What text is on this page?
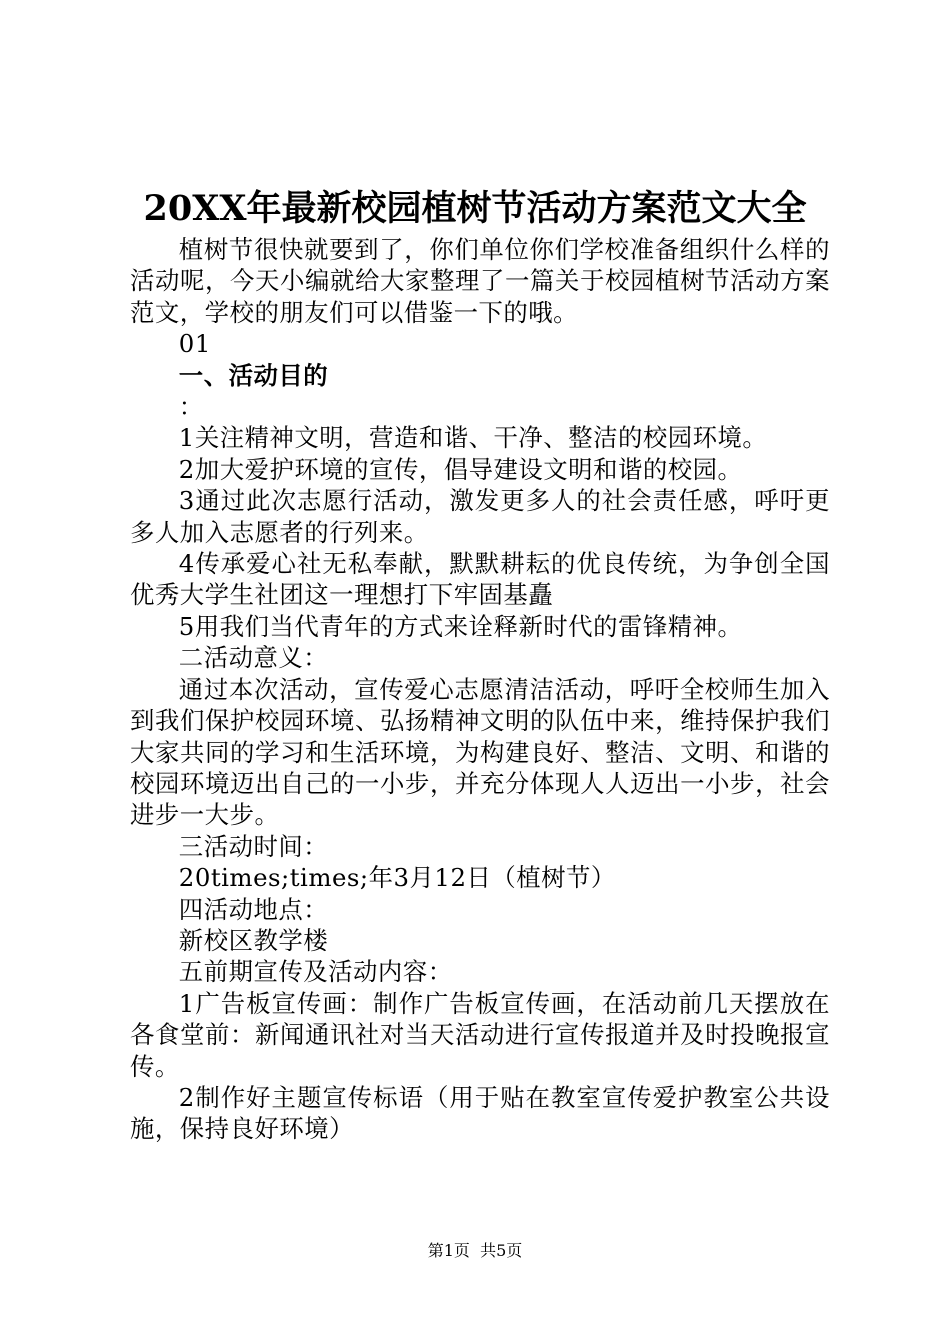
20XX年最新校园植树节活动方案范文大全

植树节很快就要到了，你们单位你们学校准备组织什么样的活动呢，今天小编就给大家整理了一篇关于校园植树节活动方案范文，学校的朋友们可以借鉴一下的哦。

01

一、活动目的

：

1关注精神文明，营造和谐、干净、整洁的校园环境。

2加大爱护环境的宣传，倡导建设文明和谐的校园。

3通过此次志愿行活动，激发更多人的社会责任感，呼吁更多人加入志愿者的行列来。

4传承爱心社无私奉献，默默耕耘的优良传统，为争创全国优秀大学生社团这一理想打下牢固基矗

5用我们当代青年的方式来诠释新时代的雷锋精神。

二活动意义：

通过本次活动，宣传爱心志愿清洁活动，呼吁全校师生加入到我们保护校园环境、弘扬精神文明的队伍中来，维持保护我们大家共同的学习和生活环境，为构建良好、整洁、文明、和谐的校园环境迈出自己的一小步，并充分体现人人迈出一小步，社会进步一大步。

三活动时间：

20times;times;年3月12日（植树节）

四活动地点：

新校区教学楼

五前期宣传及活动内容：

1广告板宣传画：制作广告板宣传画，在活动前几天摆放在各食堂前：新闻通讯社对当天活动进行宣传报道并及时投晚报宣传。

2制作好主题宣传标语（用于贴在教室宣传爱护教室公共设施，保持良好环境）

第1页 共5页
